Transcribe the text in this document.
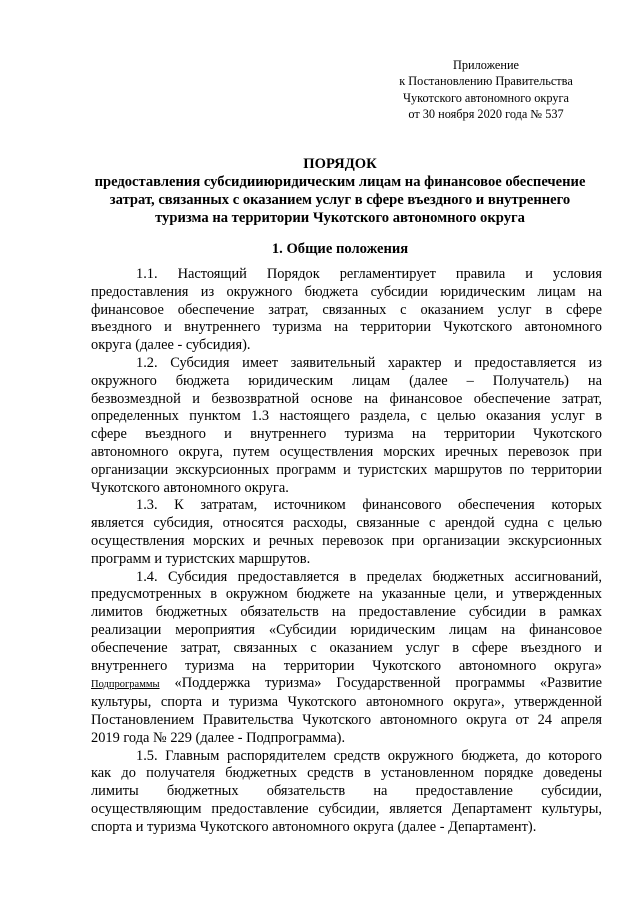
Приложение
к Постановлению Правительства
Чукотского автономного округа
от 30 ноября 2020 года № 537
ПОРЯДОК
предоставления субсидииюридическим лицам на финансовое обеспечение
затрат, связанных с оказанием услуг в сфере въездного и внутреннего
туризма на территории Чукотского автономного округа
1. Общие положения
1.1. Настоящий Порядок регламентирует правила и условия
предоставления из окружного бюджета субсидии юридическим лицам на
финансовое обеспечение затрат, связанных с оказанием услуг в сфере
въездного и внутреннего туризма на территории Чукотского автономного
округа (далее - субсидия).
1.2. Субсидия имеет заявительный характер и предоставляется из
окружного бюджета юридическим лицам (далее – Получатель) на
безвозмездной и безвозвратной основе на финансовое обеспечение затрат,
определенных пунктом 1.3 настоящего раздела, с целью оказания услуг в
сфере въездного и внутреннего туризма на территории Чукотского
автономного округа, путем осуществления морских иречных перевозок при
организации экскурсионных программ и туристских маршрутов по территории
Чукотского автономного округа.
1.3. К затратам, источником финансового обеспечения которых
является субсидия, относятся расходы, связанные с арендой судна с целью
осуществления морских и речных перевозок при организации экскурсионных
программ и туристских маршрутов.
1.4. Субсидия предоставляется в пределах бюджетных ассигнований,
предусмотренных в окружном бюджете на указанные цели, и утвержденных
лимитов бюджетных обязательств на предоставление субсидии в рамках
реализации мероприятия «Субсидии юридическим лицам на финансовое
обеспечение затрат, связанных с оказанием услуг в сфере въездного и
внутреннего туризма на территории Чукотского автономного округа»
Подпрограммы «Поддержка туризма» Государственной программы «Развитие
культуры, спорта и туризма Чукотского автономного округа», утвержденной
Постановлением Правительства Чукотского автономного округа от 24 апреля
2019 года № 229 (далее - Подпрограмма).
1.5. Главным распорядителем средств окружного бюджета, до которого
как до получателя бюджетных средств в установленном порядке доведены
лимиты бюджетных обязательств на предоставление субсидии,
осуществляющим предоставление субсидии, является Департамент культуры,
спорта и туризма Чукотского автономного округа (далее - Департамент).
